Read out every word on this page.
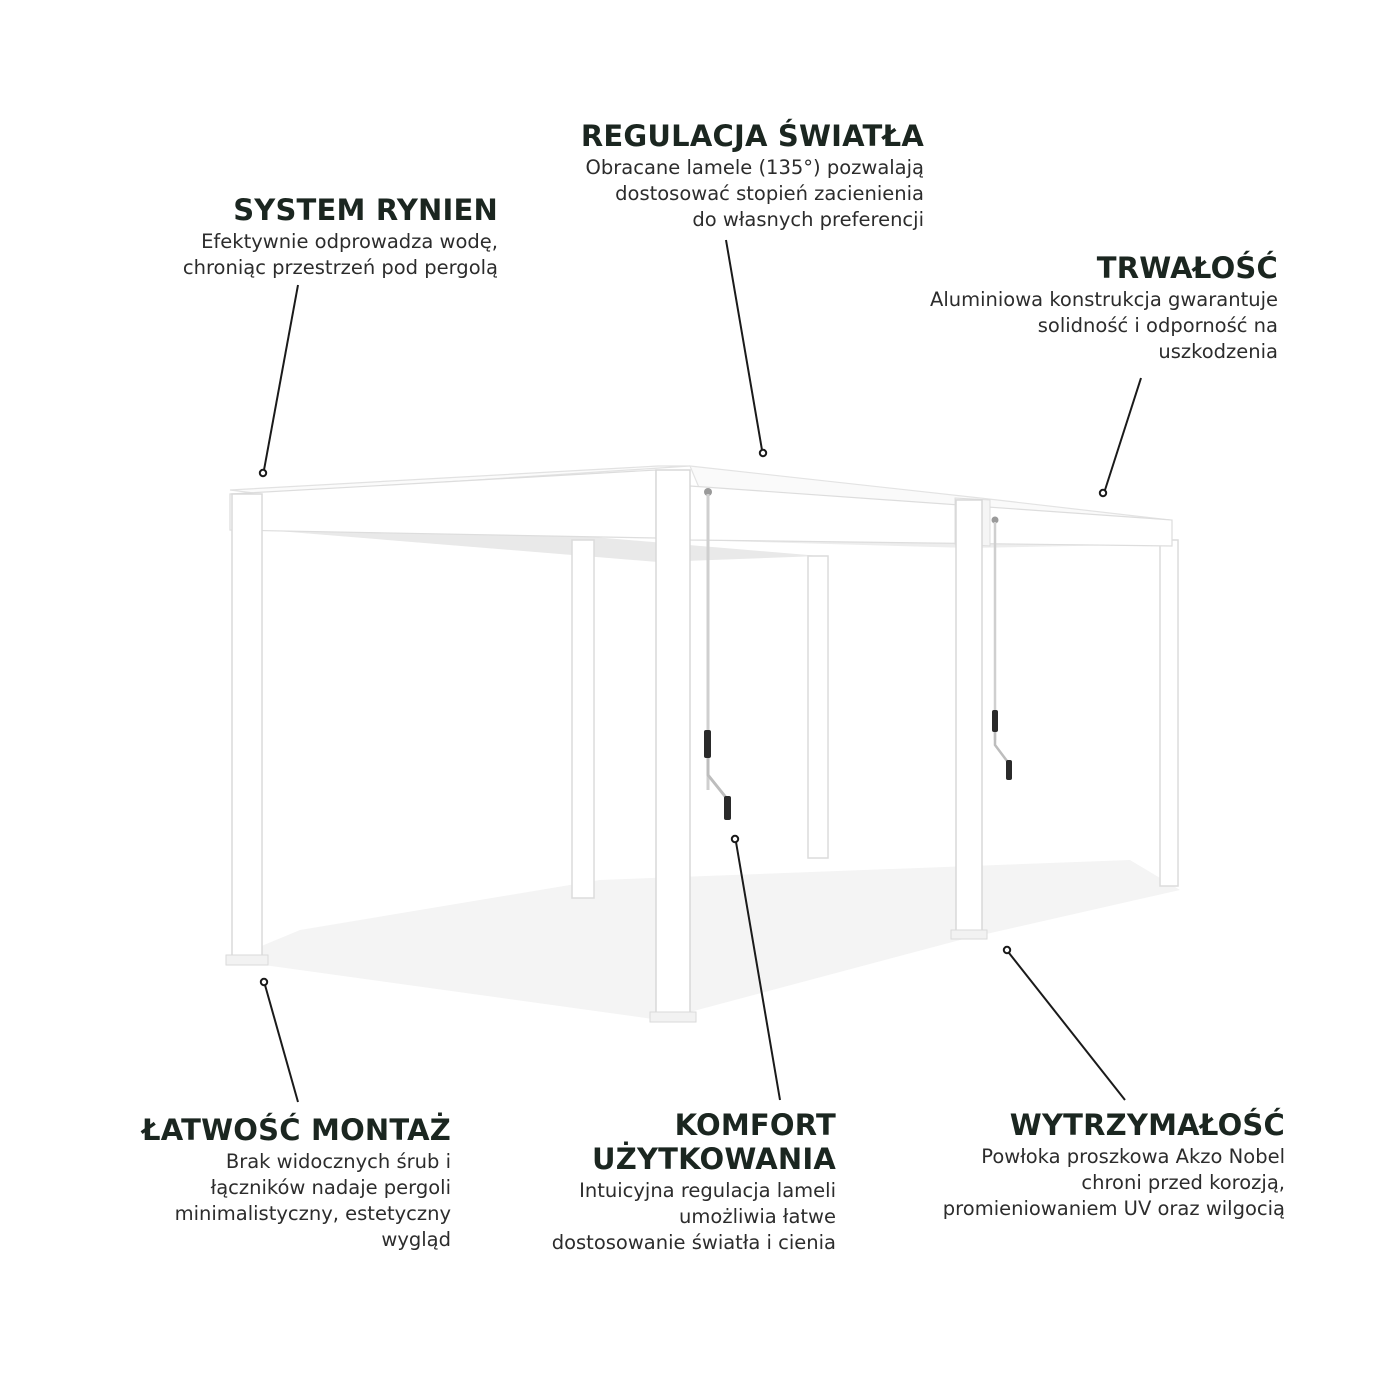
SYSTEM RYNIEN
Efektywnie odprowadza wodę,
chroniąc przestrzeń pod pergolą
REGULACJA ŚWIATŁA
Obracane lamele (135°) pozwalają
dostosować stopień zacienienia
do własnych preferencji
TRWAŁOŚĆ
Aluminiowa konstrukcja gwarantuje
solidność i odporność na
uszkodzenia
ŁATWOŚĆ MONTAŻ
Brak widocznych śrub i
łączników nadaje pergoli
minimalistyczny, estetyczny
wygląd
KOMFORT
UŻYTKOWANIA
Intuicyjna regulacja lameli
umożliwia łatwe
dostosowanie światła i cienia
WYTRZYMAŁOŚĆ
Powłoka proszkowa Akzo Nobel
chroni przed korozją,
promieniowaniem UV oraz wilgocią
